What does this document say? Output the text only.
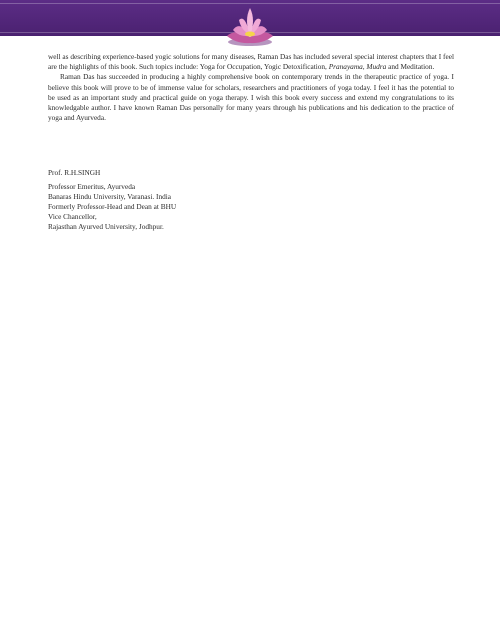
well as describing experience-based yogic solutions for many diseases, Raman Das has included several special interest chapters that I feel are the highlights of this book. Such topics include: Yoga for Occupation, Yogic Detoxification, Pranayama, Mudra and Meditation.

Raman Das has succeeded in producing a highly comprehensive book on contemporary trends in the therapeutic practice of yoga. I believe this book will prove to be of immense value for scholars, researchers and practitioners of yoga today. I feel it has the potential to be used as an important study and practical guide on yoga therapy. I wish this book every success and extend my congratulations to its knowledgable author. I have known Raman Das personally for many years through his publications and his dedication to the practice of yoga and Ayurveda.

Prof. R.H.SINGH
Professor Emeritus, Ayurveda
Banaras Hindu University, Varanasi. India
Formerly Professor-Head and Dean at BHU
Vice Chancellor,
Rajasthan Ayurved University, Jodhpur.
